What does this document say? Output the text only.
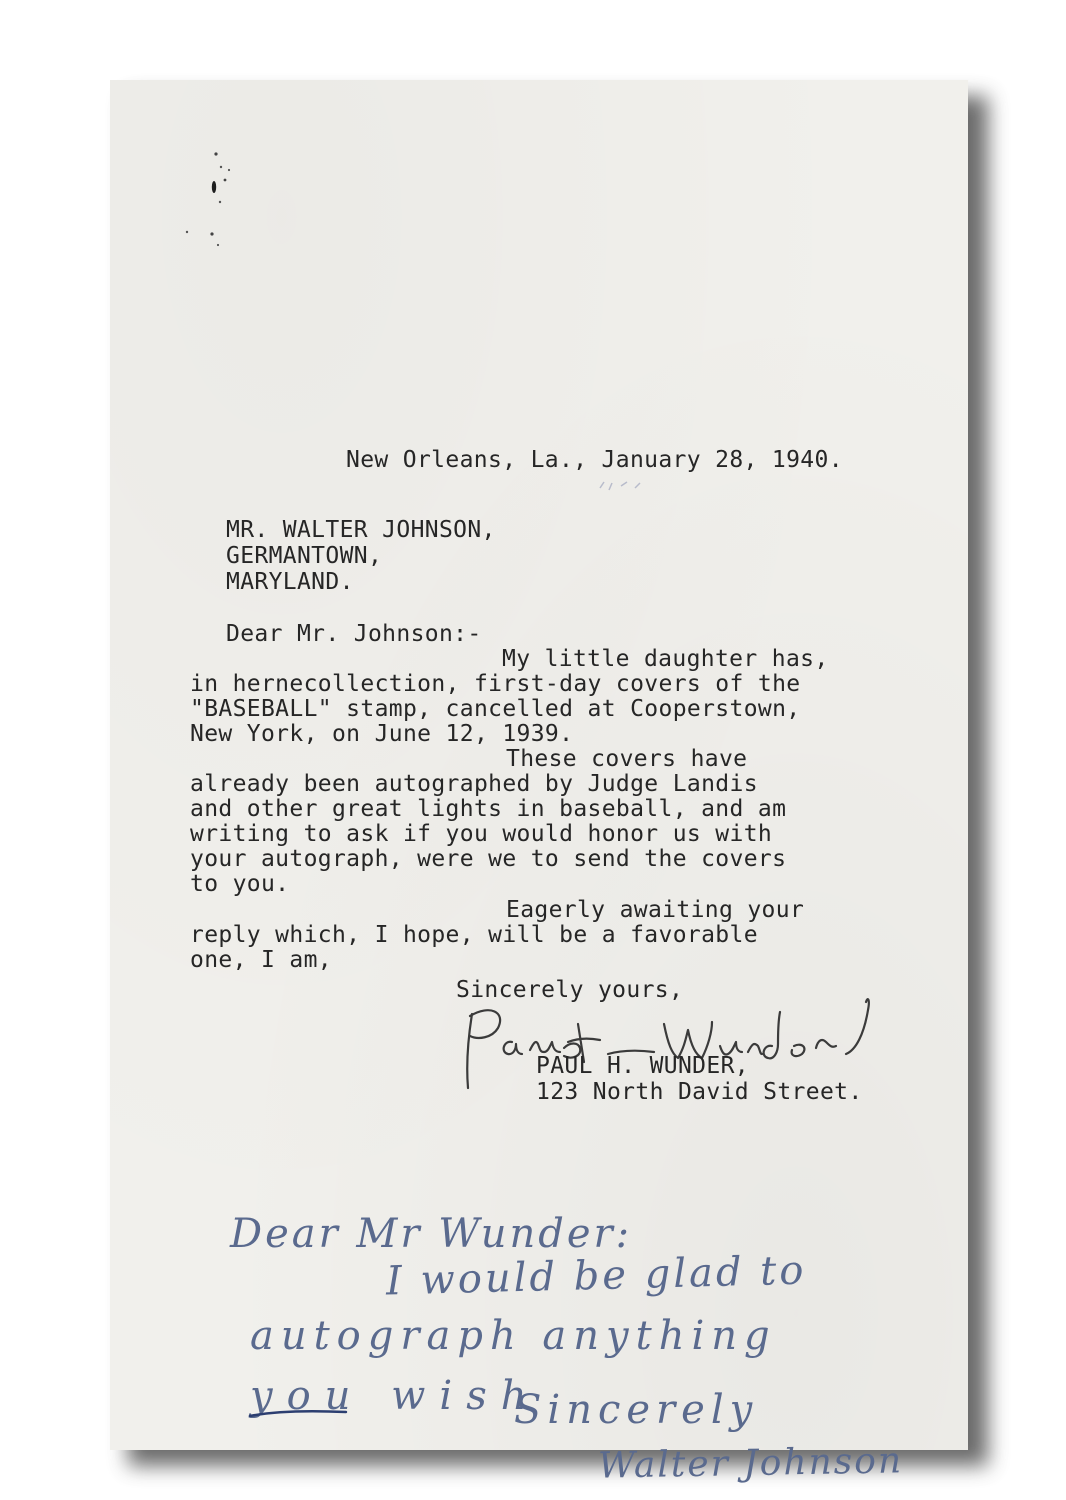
New Orleans, La., January 28, 1940.
MR. WALTER JOHNSON,
GERMANTOWN,
MARYLAND.
Dear Mr. Johnson:-
My little daughter has,
in hernecollection, first-day covers of the
"BASEBALL" stamp, cancelled at Cooperstown,
New York, on June 12, 1939.
These covers have
already been autographed by Judge Landis
and other great lights in baseball, and am
writing to ask if you would honor us with
your autograph, were we to send the covers
to you.
Eagerly awaiting your
reply which, I hope, will be a favorable
one, I am,
Sincerely yours,
PAUL H. WUNDER,
123 North David Street.
Dear Mr Wunder:
I would be glad to
autograph anything
you wish
Sincerely
Walter Johnson
